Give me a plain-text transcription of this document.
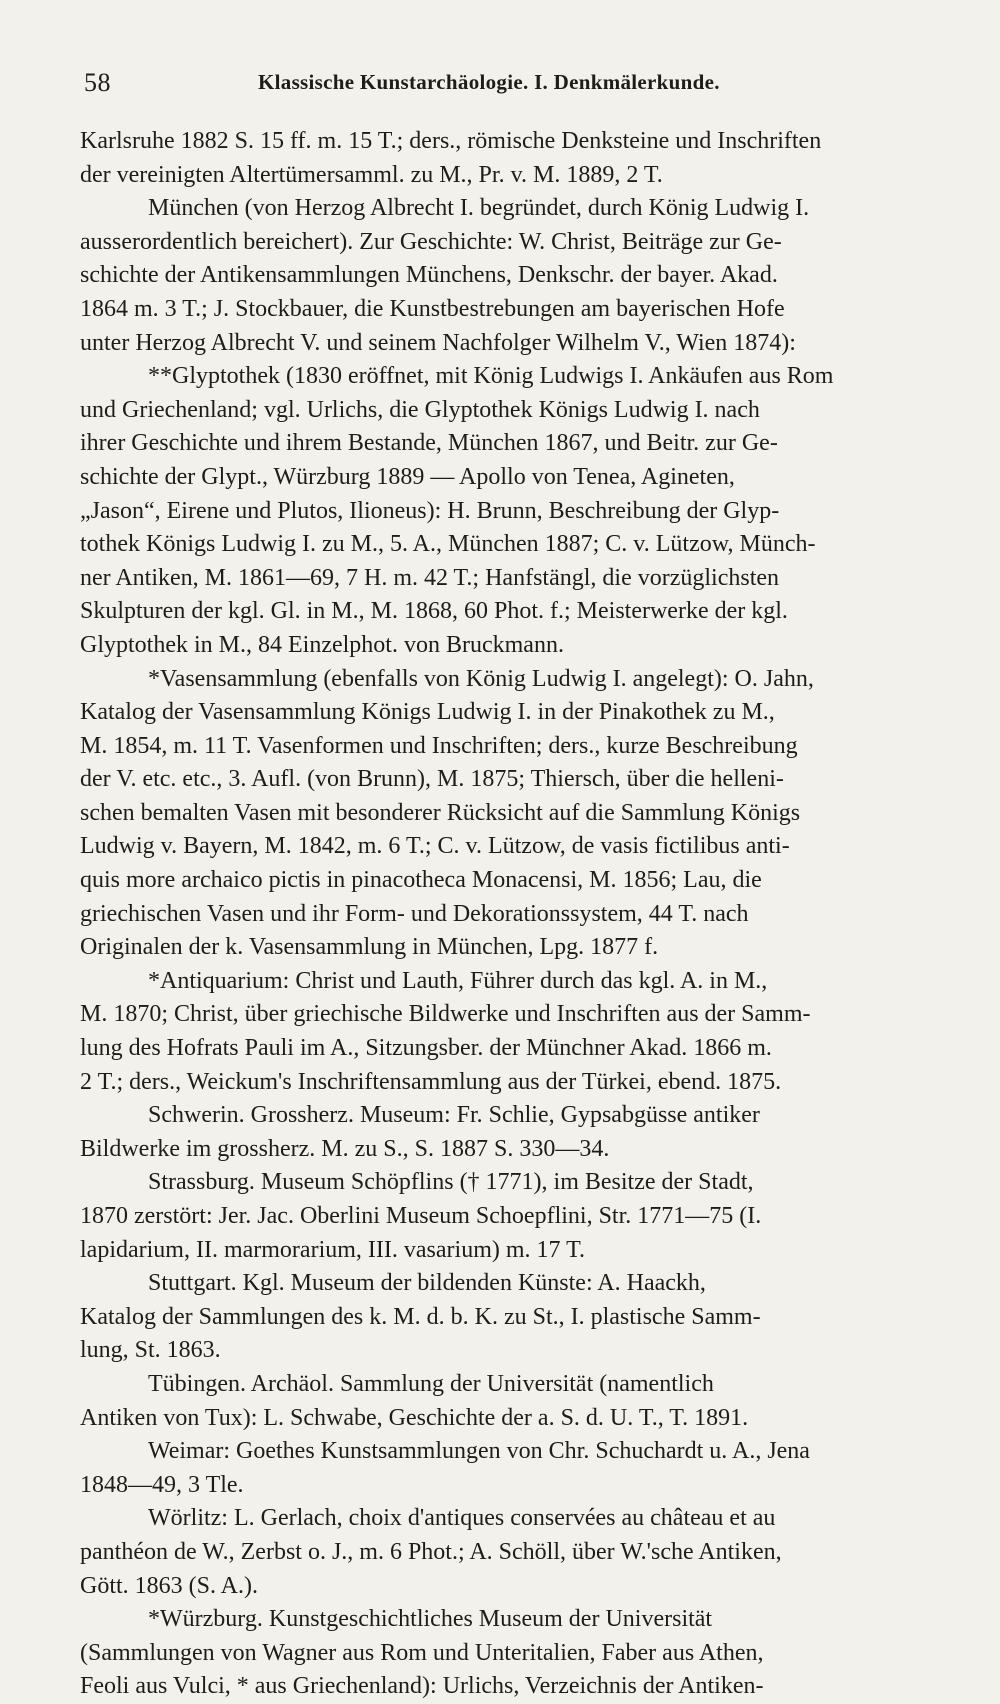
58	Klassische Kunstarchäologie. I. Denkmälerkunde.
Karlsruhe 1882 S. 15 ff. m. 15 T.; ders., römische Denksteine und Inschriften
der vereinigten Altertümersamml. zu M., Pr. v. M. 1889, 2 T.
München (von Herzog Albrecht I. begründet, durch König Ludwig I.
ausserordentlich bereichert). Zur Geschichte: W. Christ, Beiträge zur Ge-
schichte der Antikensammlungen Münchens, Denkschr. der bayer. Akad.
1864 m. 3 T.; J. Stockbauer, die Kunstbestrebungen am bayerischen Hofe
unter Herzog Albrecht V. und seinem Nachfolger Wilhelm V., Wien 1874):
**Glyptothek (1830 eröffnet, mit König Ludwigs I. Ankäufen aus Rom
und Griechenland; vgl. Urlichs, die Glyptothek Königs Ludwig I. nach
ihrer Geschichte und ihrem Bestande, München 1867, und Beitr. zur Ge-
schichte der Glypt., Würzburg 1889 — Apollo von Tenea, Agineten,
„Jason“, Eirene und Plutos, Ilioneus): H. Brunn, Beschreibung der Glyp-
tothek Königs Ludwig I. zu M., 5. A., München 1887; C. v. Lützow, Münch-
ner Antiken, M. 1861—69, 7 H. m. 42 T.; Hanfstängl, die vorzüglichsten
Skulpturen der kgl. Gl. in M., M. 1868, 60 Phot. f.; Meisterwerke der kgl.
Glyptothek in M., 84 Einzelphot. von Bruckmann.
*Vasensammlung (ebenfalls von König Ludwig I. angelegt): O. Jahn,
Katalog der Vasensammlung Königs Ludwig I. in der Pinakothek zu M.,
M. 1854, m. 11 T. Vasenformen und Inschriften; ders., kurze Beschreibung
der V. etc. etc., 3. Aufl. (von Brunn), M. 1875; Thiersch, über die helleni-
schen bemalten Vasen mit besonderer Rücksicht auf die Sammlung Königs
Ludwig v. Bayern, M. 1842, m. 6 T.; C. v. Lützow, de vasis fictilibus anti-
quis more archaico pictis in pinacotheca Monacensi, M. 1856; Lau, die
griechischen Vasen und ihr Form- und Dekorationssystem, 44 T. nach
Originalen der k. Vasensammlung in München, Lpg. 1877 f.
*Antiquarium: Christ und Lauth, Führer durch das kgl. A. in M.,
M. 1870; Christ, über griechische Bildwerke und Inschriften aus der Samm-
lung des Hofrats Pauli im A., Sitzungsber. der Münchner Akad. 1866 m.
2 T.; ders., Weickum's Inschriftensammlung aus der Türkei, ebend. 1875.
Schwerin. Grossherz. Museum: Fr. Schlie, Gypsabgüsse antiker
Bildwerke im grossherz. M. zu S., S. 1887 S. 330—34.
Strassburg. Museum Schöpflins († 1771), im Besitze der Stadt,
1870 zerstört: Jer. Jac. Oberlini Museum Schoepflini, Str. 1771—75 (I.
lapidarium, II. marmorarium, III. vasarium) m. 17 T.
Stuttgart. Kgl. Museum der bildenden Künste: A. Haackh,
Katalog der Sammlungen des k. M. d. b. K. zu St., I. plastische Samm-
lung, St. 1863.
Tübingen. Archäol. Sammlung der Universität (namentlich
Antiken von Tux): L. Schwabe, Geschichte der a. S. d. U. T., T. 1891.
Weimar: Goethes Kunstsammlungen von Chr. Schuchardt u. A., Jena
1848—49, 3 Tle.
Wörlitz: L. Gerlach, choix d'antiques conservées au château et au
panthéon de W., Zerbst o. J., m. 6 Phot.; A. Schöll, über W.'sche Antiken,
Gött. 1863 (S. A.).
*Würzburg. Kunstgeschichtliches Museum der Universität
(Sammlungen von Wagner aus Rom und Unteritalien, Faber aus Athen,
Feoli aus Vulci, * aus Griechenland): Urlichs, Verzeichnis der Antiken-
